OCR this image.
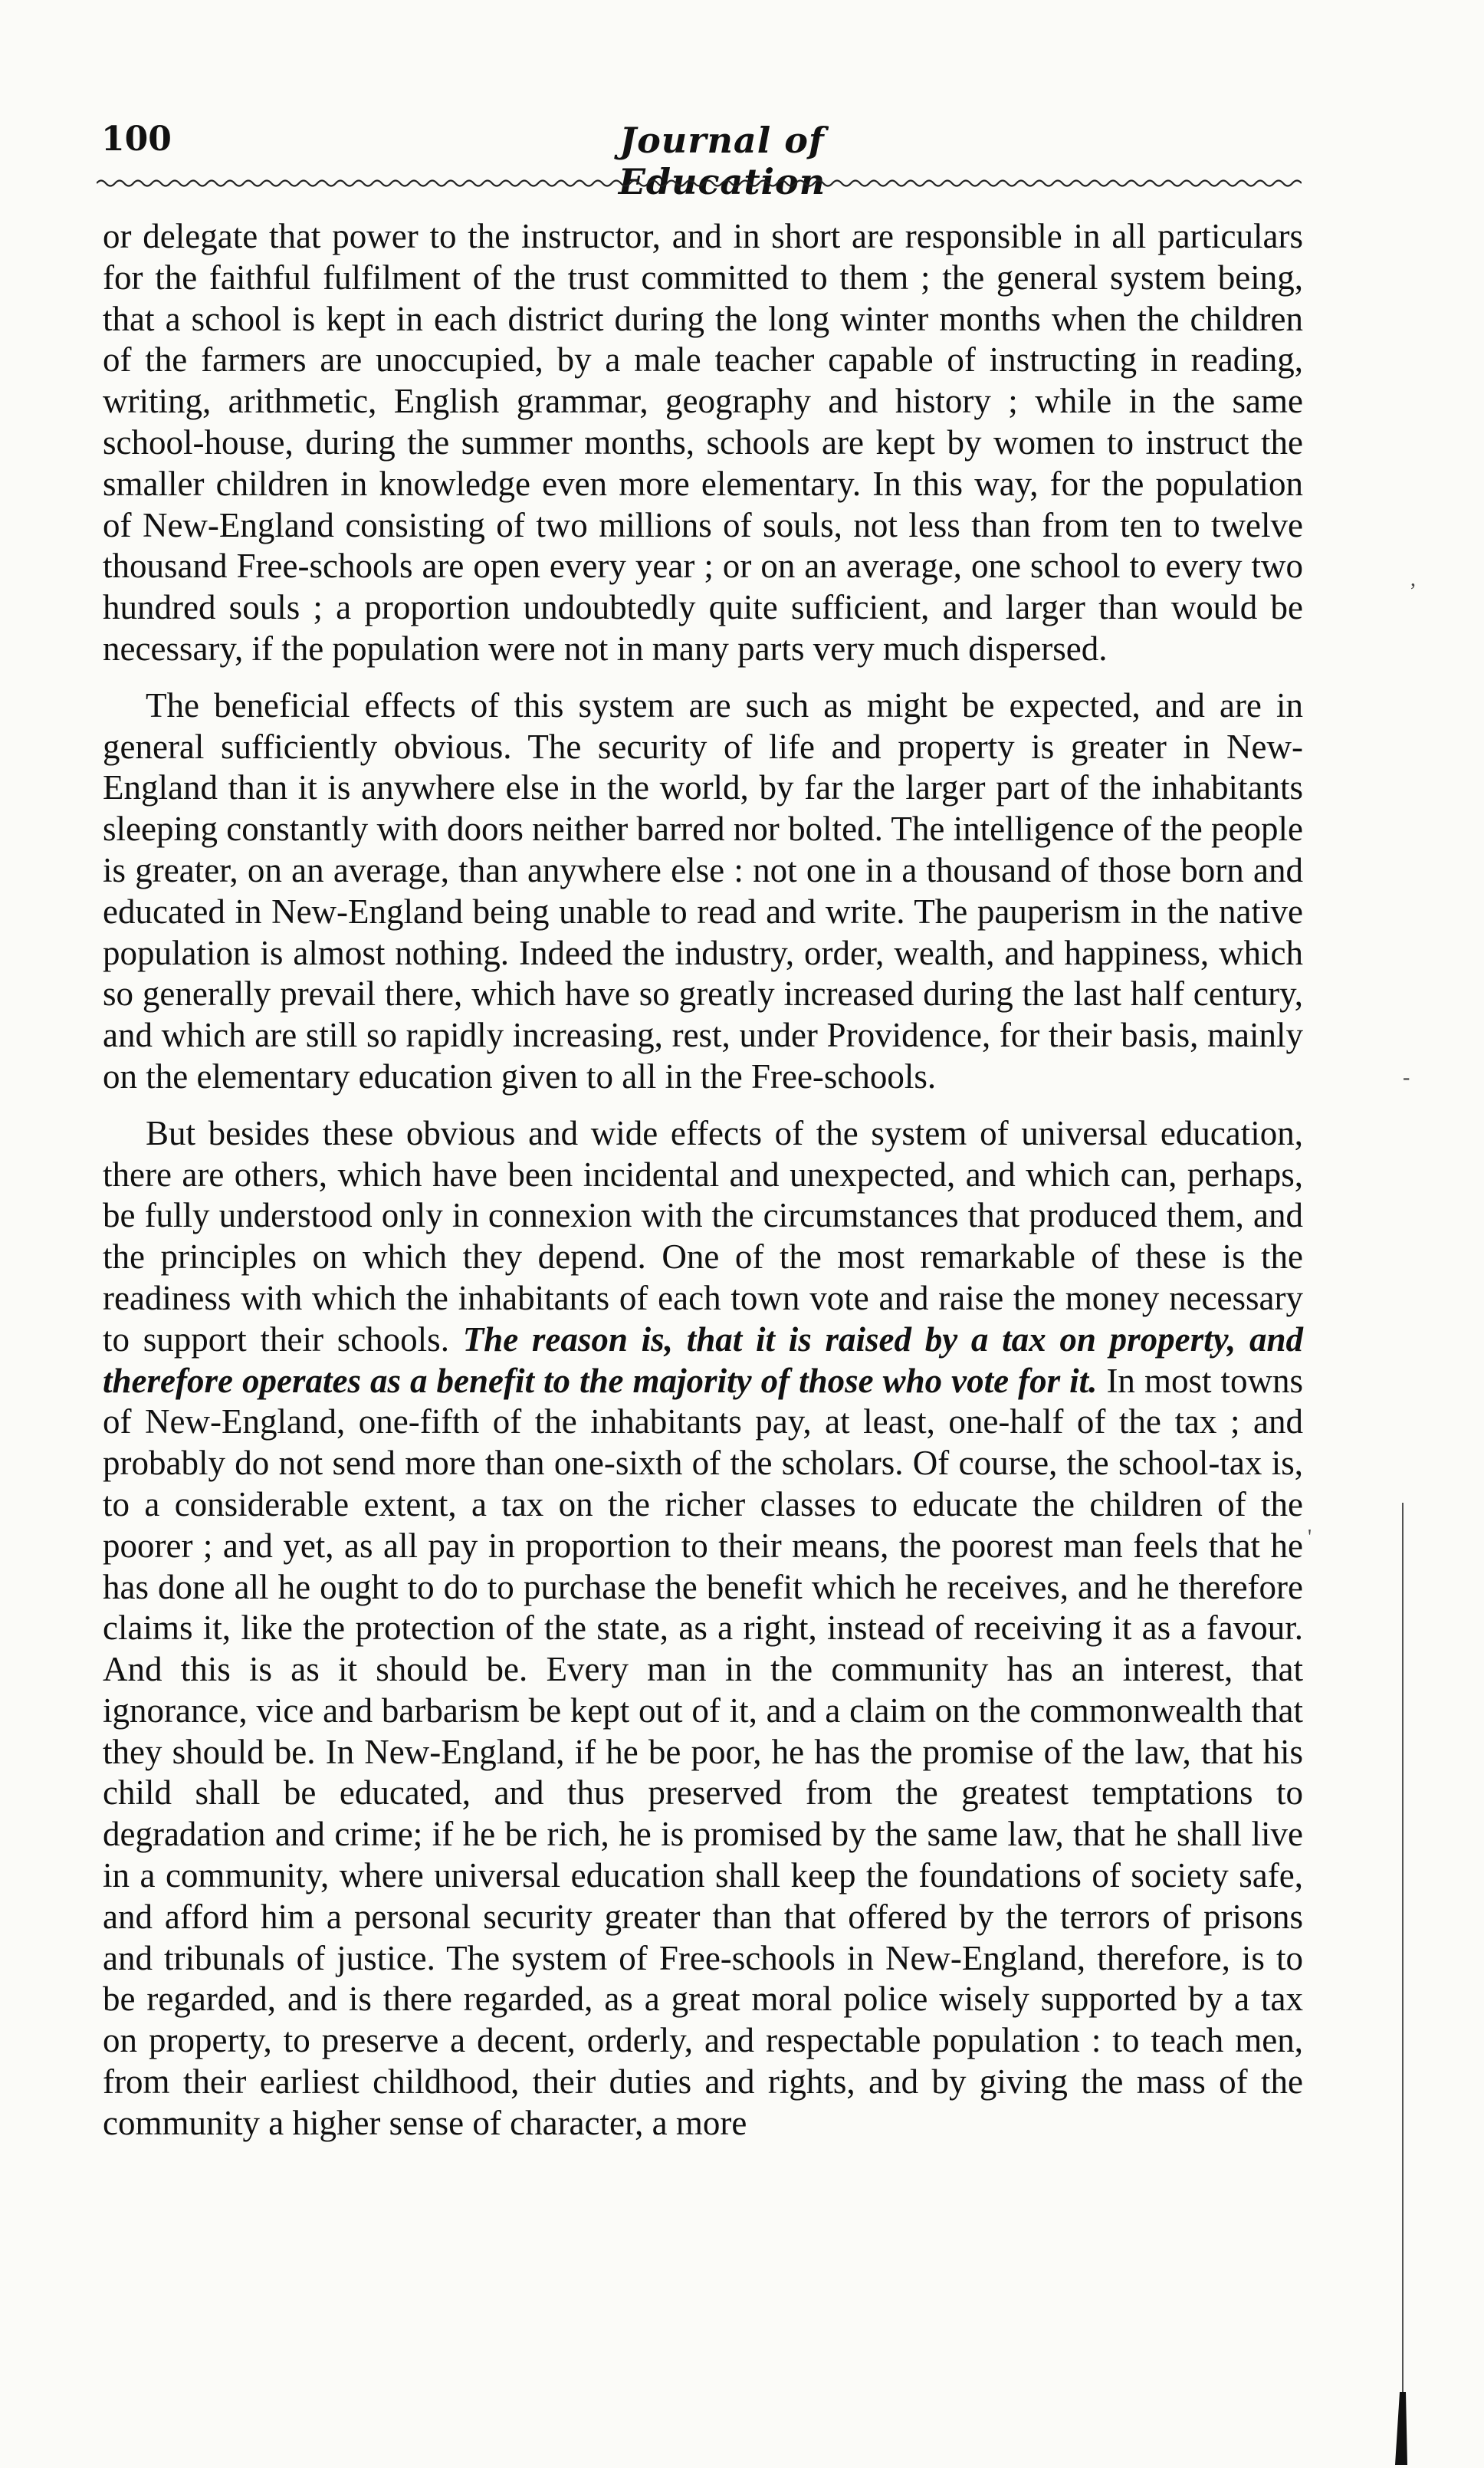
100	Journal of Education

or delegate that power to the instructor, and in short are responsible in all particulars for the faithful fulfilment of the trust committed to them ; the general system being, that a school is kept in each district during the long winter months when the children of the farmers are unoccupied, by a male teacher capable of instructing in reading, writing, arithmetic, English grammar, geography and history ; while in the same school-house, during the summer months, schools are kept by women to instruct the smaller children in knowledge even more elementary. In this way, for the population of New-England consisting of two millions of souls, not less than from ten to twelve thousand Free-schools are open every year ; or on an average, one school to every two hundred souls ; a proportion undoubtedly quite sufficient, and larger than would be necessary, if the population were not in many parts very much dispersed.

The beneficial effects of this system are such as might be expected, and are in general sufficiently obvious. The security of life and property is greater in New-England than it is anywhere else in the world, by far the larger part of the inhabitants sleeping constantly with doors neither barred nor bolted. The intelligence of the people is greater, on an average, than anywhere else : not one in a thousand of those born and educated in New-England being unable to read and write. The pauperism in the native population is almost nothing. Indeed the industry, order, wealth, and happiness, which so generally prevail there, which have so greatly increased during the last half century, and which are still so rapidly increasing, rest, under Providence, for their basis, mainly on the elementary education given to all in the Free-schools.

But besides these obvious and wide effects of the system of universal education, there are others, which have been incidental and unexpected, and which can, perhaps, be fully understood only in connexion with the circumstances that produced them, and the principles on which they depend. One of the most remarkable of these is the readiness with which the inhabitants of each town vote and raise the money necessary to support their schools. The reason is, that it is raised by a tax on property, and therefore operates as a benefit to the majority of those who vote for it. In most towns of New-England, one-fifth of the inhabitants pay, at least, one-half of the tax ; and probably do not send more than one-sixth of the scholars. Of course, the school-tax is, to a considerable extent, a tax on the richer classes to educate the children of the poorer ; and yet, as all pay in proportion to their means, the poorest man feels that he has done all he ought to do to purchase the benefit which he receives, and he therefore claims it, like the protection of the state, as a right, instead of receiving it as a favour. And this is as it should be. Every man in the community has an interest, that ignorance, vice and barbarism be kept out of it, and a claim on the commonwealth that they should be. In New-England, if he be poor, he has the promise of the law, that his child shall be educated, and thus preserved from the greatest temptations to degradation and crime; if he be rich, he is promised by the same law, that he shall live in a community, where universal education shall keep the foundations of society safe, and afford him a personal security greater than that offered by the terrors of prisons and tribunals of justice. The system of Free-schools in New-England, therefore, is to be regarded, and is there regarded, as a great moral police wisely supported by a tax on property, to preserve a decent, orderly, and respectable population : to teach men, from their earliest childhood, their duties and rights, and by giving the mass of the community a higher sense of character, a more

,
-
'
